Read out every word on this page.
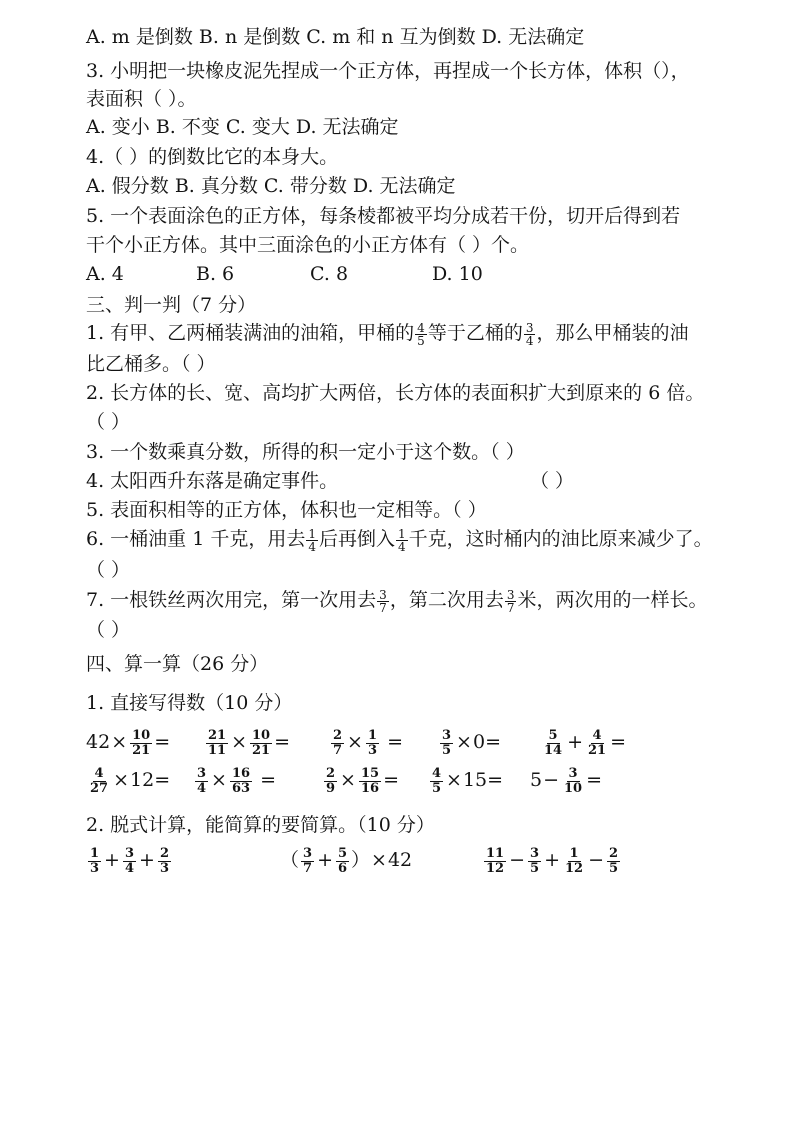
A. m 是倒数 B. n 是倒数 C. m 和 n 互为倒数 D. 无法确定
3. 小明把一块橡皮泥先捏成一个正方体，再捏成一个长方体，体积（），
表面积（ ）。
A. 变小 B. 不变 C. 变大 D. 无法确定
4.（ ）的倒数比它的本身大。
A. 假分数 B. 真分数 C. 带分数 D. 无法确定
5. 一个表面涂色的正方体，每条棱都被平均分成若干份，切开后得到若
干个小正方体。其中三面涂色的小正方体有（ ）个。
A. 4	B. 6	C. 8	D. 10
三、判一判（7 分）
1. 有甲、乙两桶装满油的油箱，甲桶的 $\frac{4}{5}$ 等于乙桶的 $\frac{3}{4}$ ，那么甲桶装的油
比乙桶多。（ ）
2. 长方体的长、宽、高均扩大两倍，长方体的表面积扩大到原来的 6 倍。
（ ）
3. 一个数乘真分数，所得的积一定小于这个数。（ ）
4. 太阳西升东落是确定事件。	（ ）
5. 表面积相等的正方体，体积也一定相等。（ ）
6. 一桶油重 1 千克，用去 $\frac{1}{4}$ 后再倒入 $\frac{1}{4}$ 千克，这时桶内的油比原来减少了。
（ ）
7. 一根铁丝两次用完，第一次用去 $\frac{3}{7}$ ，第二次用去 $\frac{3}{7}$ 米，两次用的一样长。
（ ）
四、算一算（26 分）
1. 直接写得数（10 分）
$42\times \frac{10}{21}$ =	$\frac{21}{11} \times \frac{10}{21}$ =	$\frac{2}{7} \times \frac{1}{3}$ =	$\frac{3}{5} \times 0=$	$\frac{5}{14} + \frac{4}{21}$ =
$\frac{4}{27} \times 12= \frac{3}{4} \times \frac{16}{63}$ =	$\frac{2}{9} \times \frac{15}{16} = \frac{4}{5} \times 15= 5- \frac{3}{10}$ =
2. 脱式计算，能简算的要简算。（10 分）
$\frac{1}{3} + \frac{3}{4} + \frac{2}{3}$	（ $\frac{3}{7} + \frac{5}{6} )\times 42$	$\frac{11}{12} - \frac{3}{5} + \frac{1}{12} - \frac{2}{5}$
